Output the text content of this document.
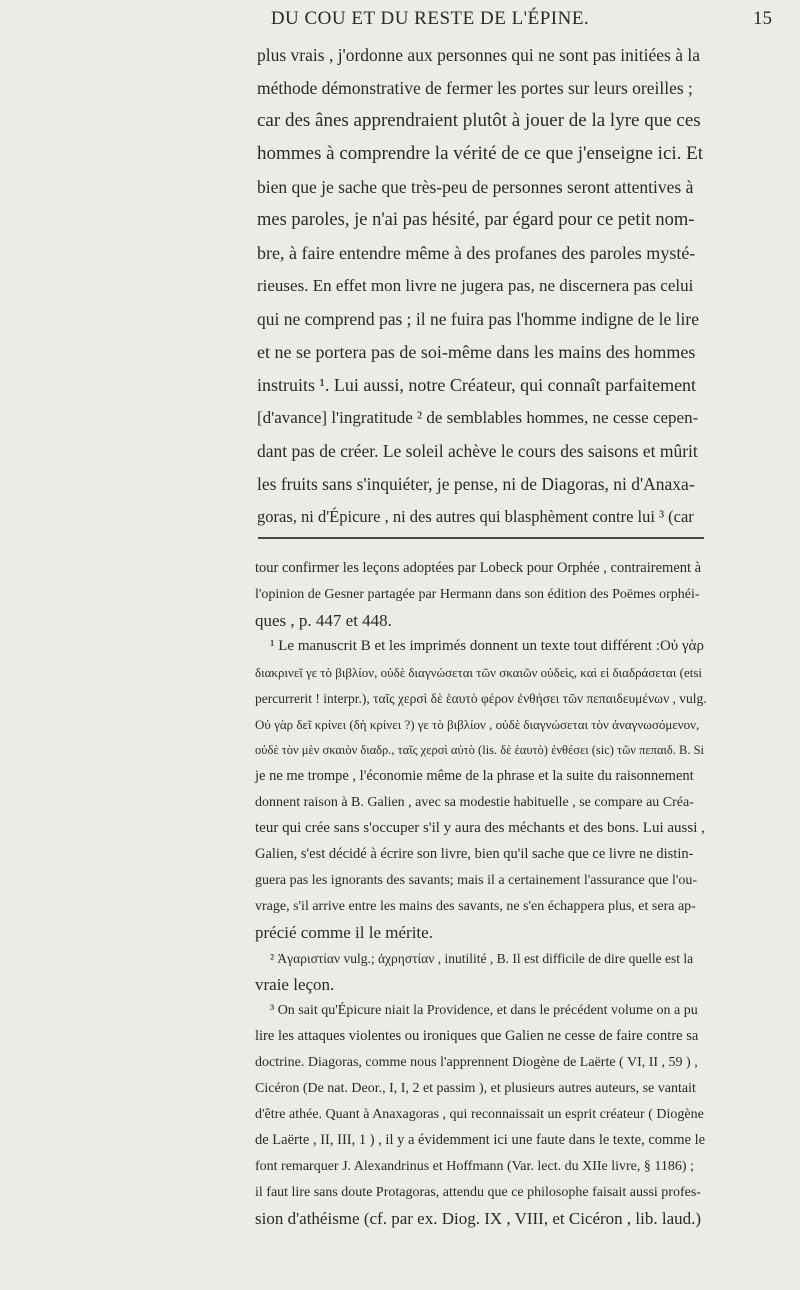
DU COU ET DU RESTE DE L'ÉPINE.	15
plus vrais , j'ordonne aux personnes qui ne sont pas initiées à la
méthode démonstrative de fermer les portes sur leurs oreilles ;
car des ânes apprendraient plutôt à jouer de la lyre que ces
hommes à comprendre la vérité de ce que j'enseigne ici. Et
bien que je sache que très-peu de personnes seront attentives à
mes paroles, je n'ai pas hésité, par égard pour ce petit nom-
bre, à faire entendre même à des profanes des paroles mysté-
rieuses. En effet mon livre ne jugera pas, ne discernera pas celui
qui ne comprend pas ; il ne fuira pas l'homme indigne de le lire
et ne se portera pas de soi-même dans les mains des hommes
instruits ¹. Lui aussi, notre Créateur, qui connaît parfaitement
[d'avance] l'ingratitude ² de semblables hommes, ne cesse cepen-
dant pas de créer. Le soleil achève le cours des saisons et mûrit
les fruits sans s'inquiéter, je pense, ni de Diagoras, ni d'Anaxa-
goras, ni d'Épicure , ni des autres qui blasphèment contre lui ³ (car
tour confirmer les leçons adoptées par Lobeck pour Orphée , contrairement à
l'opinion de Gesner partagée par Hermann dans son édition des Poëmes orphéi-
ques , p. 447 et 448.
¹ Le manuscrit B et les imprimés donnent un texte tout différent :Οὐ γὰρ
διακρινεῖ γε τὸ βιβλίον, οὐδὲ διαγνώσεται τῶν σκαιῶν οὐδεὶς, καὶ εἰ διαδράσεται (etsi
percurrerit ! interpr.), ταῖς χερσὶ δὲ ἑαυτὸ φέρον ἐνθήσει τῶν πεπαιδευμένων , vulg.
Οὐ γὰρ δεῖ κρίνει (δὴ κρίνει ?) γε τὸ βιβλίον , οὐδὲ διαγνώσεται τὸν ἀναγνωσόμενον,
οὐδὲ τὸν μὲν σκαιὸν διαδρ., ταῖς χερσὶ αὐτὸ (lis. δὲ ἑαυτὸ) ἐνθέσει (sic) τῶν πεπαιδ. B. Si
je ne me trompe , l'économie même de la phrase et la suite du raisonnement
donnent raison à B. Galien , avec sa modestie habituelle , se compare au Créa-
teur qui crée sans s'occuper s'il y aura des méchants et des bons. Lui aussi ,
Galien, s'est décidé à écrire son livre, bien qu'il sache que ce livre ne distin-
guera pas les ignorants des savants; mais il a certainement l'assurance que l'ou-
vrage, s'il arrive entre les mains des savants, ne s'en échappera plus, et sera ap-
précié comme il le mérite.
² Ἀγαριστίαν vulg.; ἀχρηστίαν , inutilité , B. Il est difficile de dire quelle est la
vraie leçon.
³ On sait qu'Épicure niait la Providence, et dans le précédent volume on a pu
lire les attaques violentes ou ironiques que Galien ne cesse de faire contre sa
doctrine. Diagoras, comme nous l'apprennent Diogène de Laërte ( VI, II , 59 ) ,
Cicéron (De nat. Deor., I, I, 2 et passim ), et plusieurs autres auteurs, se vantait
d'être athée. Quant à Anaxagoras , qui reconnaissait un esprit créateur ( Diogène
de Laërte , II, III, 1 ) , il y a évidemment ici une faute dans le texte, comme le
font remarquer J. Alexandrinus et Hoffmann (Var. lect. du XIIe livre, § 1186) ;
il faut lire sans doute Protagoras, attendu que ce philosophe faisait aussi profes-
sion d'athéisme (cf. par ex. Diog. IX , VIII, et Cicéron , lib. laud.)
